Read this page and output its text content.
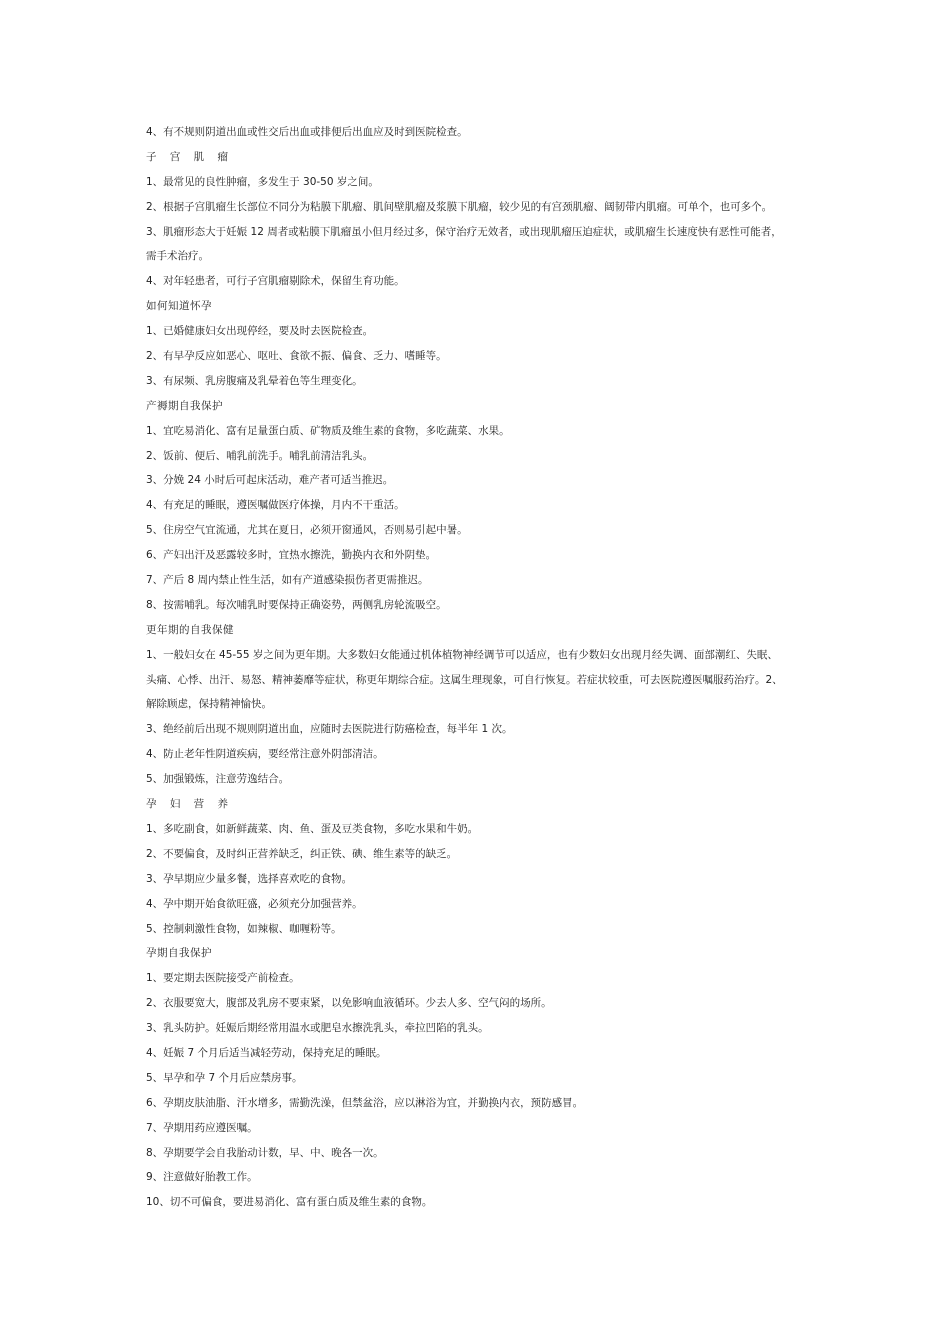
4、有不规则阴道出血或性交后出血或排便后出血应及时到医院检查。

子 宫 肌 瘤

1、最常见的良性肿瘤，多发生于 30-50 岁之间。

2、根据子宫肌瘤生长部位不同分为粘膜下肌瘤、肌间壁肌瘤及浆膜下肌瘤，较少见的有宫颈肌瘤、阔韧带内肌瘤。可单个，也可多个。

3、肌瘤形态大于妊娠 12 周者或粘膜下肌瘤虽小但月经过多，保守治疗无效者，或出现肌瘤压迫症状，或肌瘤生长速度快有恶性可能者，

需手术治疗。

4、对年轻患者，可行子宫肌瘤剔除术，保留生育功能。

如何知道怀孕

1、已婚健康妇女出现停经，要及时去医院检查。

2、有早孕反应如恶心、呕吐、食欲不振、偏食、乏力、嗜睡等。

3、有尿频、乳房腹痛及乳晕着色等生理变化。

产褥期自我保护

1、宜吃易消化、富有足量蛋白质、矿物质及维生素的食物，多吃蔬菜、水果。

2、饭前、便后、哺乳前洗手。哺乳前清洁乳头。

3、分娩 24 小时后可起床活动，难产者可适当推迟。

4、有充足的睡眠，遵医嘱做医疗体操，月内不干重活。

5、住房空气宜流通，尤其在夏日，必须开窗通风，否则易引起中暑。

6、产妇出汗及恶露较多时，宜热水擦洗，勤换内衣和外阴垫。

7、产后 8 周内禁止性生活，如有产道感染损伤者更需推迟。

8、按需哺乳。每次哺乳时要保持正确姿势，两侧乳房轮流吸空。

更年期的自我保健

1、一般妇女在 45-55 岁之间为更年期。大多数妇女能通过机体植物神经调节可以适应，也有少数妇女出现月经失调、面部潮红、失眠、

头痛、心悸、出汗、易怒、精神萎靡等症状，称更年期综合症。这属生理现象，可自行恢复。若症状较重，可去医院遵医嘱服药治疗。2、

解除顾虑，保持精神愉快。

3、绝经前后出现不规则阴道出血，应随时去医院进行防癌检查，每半年 1 次。

4、防止老年性阴道疾病，要经常注意外阴部清洁。

5、加强锻炼，注意劳逸结合。

孕 妇 营 养

1、多吃副食，如新鲜蔬菜、肉、鱼、蛋及豆类食物，多吃水果和牛奶。

2、不要偏食，及时纠正营养缺乏，纠正铁、碘、维生素等的缺乏。

3、孕早期应少量多餐，选择喜欢吃的食物。

4、孕中期开始食欲旺盛，必须充分加强营养。

5、控制刺激性食物，如辣椒、咖喱粉等。

孕期自我保护

1、要定期去医院接受产前检查。

2、衣服要宽大，腹部及乳房不要束紧，以免影响血液循环。少去人多、空气闷的场所。

3、乳头防护。妊娠后期经常用温水或肥皂水擦洗乳头，牵拉凹陷的乳头。

4、妊娠 7 个月后适当减轻劳动，保持充足的睡眠。

5、早孕和孕 7 个月后应禁房事。

6、孕期皮肤油脂、汗水增多，需勤洗澡，但禁盆浴，应以淋浴为宜，并勤换内衣，预防感冒。

7、孕期用药应遵医嘱。

8、孕期要学会自我胎动计数，早、中、晚各一次。

9、注意做好胎教工作。

10、切不可偏食，要进易消化、富有蛋白质及维生素的食物。
